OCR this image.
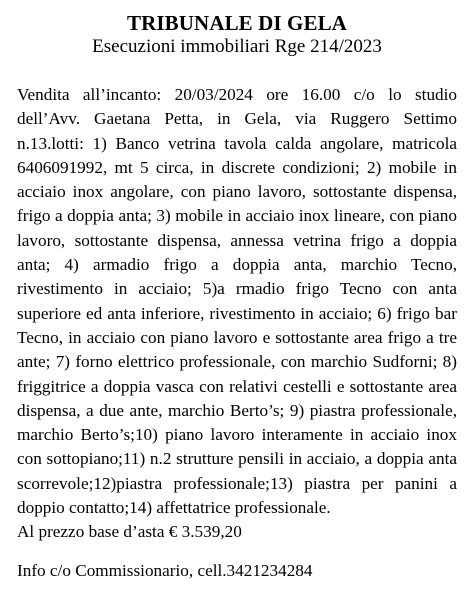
TRIBUNALE DI GELA
Esecuzioni immobiliari Rge 214/2023
Vendita all’incanto: 20/03/2024 ore 16.00 c/o lo studio dell’Avv. Gaetana Petta, in Gela, via Ruggero Settimo n.13.lotti: 1) Banco vetrina tavola calda angolare, matricola 6406091992, mt 5 circa, in discrete condizioni; 2) mobile in acciaio inox angolare, con piano lavoro, sottostante dispensa, frigo a doppia anta; 3) mobile in acciaio inox lineare, con piano lavoro, sottostante dispensa, annessa vetrina frigo a doppia anta; 4) armadio frigo a doppia anta, marchio Tecno, rivestimento in acciaio; 5)a rmadio frigo Tecno con anta superiore ed anta inferiore, rivestimento in acciaio; 6) frigo bar Tecno, in acciaio con piano lavoro e sottostante area frigo a tre ante; 7) forno elettrico professionale, con marchio Sudforni; 8) friggitrice a doppia vasca con relativi cestelli e sottostante area dispensa, a due ante, marchio Berto’s; 9) piastra professionale, marchio Berto’s;10) piano lavoro interamente in acciaio inox con sottopiano;11) n.2 strutture pensili in acciaio, a doppia anta scorrevole;12)piastra professionale;13) piastra per panini a doppio contatto;14) affettatrice professionale.
Al prezzo base d’asta € 3.539,20
Info c/o Commissionario, cell.3421234284
